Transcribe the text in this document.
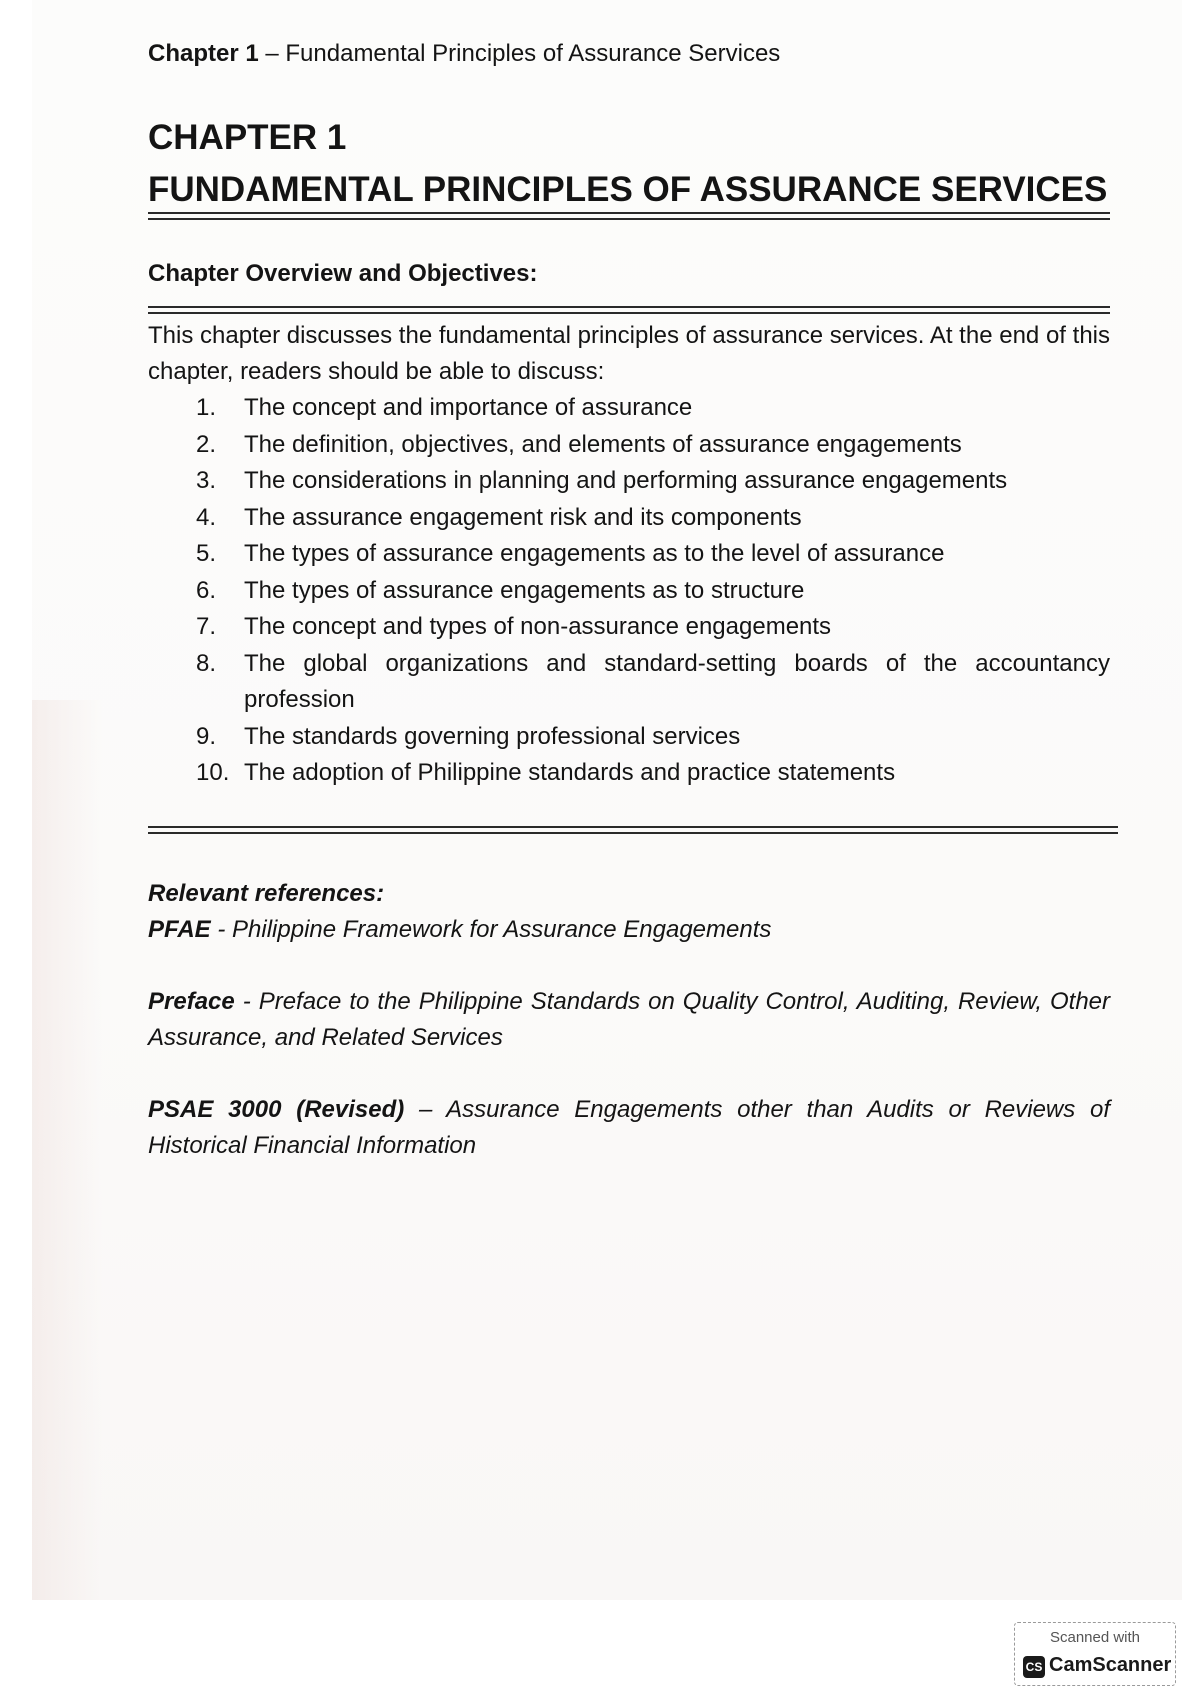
Chapter 1 – Fundamental Principles of Assurance Services
CHAPTER 1
FUNDAMENTAL PRINCIPLES OF ASSURANCE SERVICES
Chapter Overview and Objectives:
This chapter discusses the fundamental principles of assurance services. At the end of this chapter, readers should be able to discuss:
1.	The concept and importance of assurance
2.	The definition, objectives, and elements of assurance engagements
3.	The considerations in planning and performing assurance engagements
4.	The assurance engagement risk and its components
5.	The types of assurance engagements as to the level of assurance
6.	The types of assurance engagements as to structure
7.	The concept and types of non-assurance engagements
8.	The global organizations and standard-setting boards of the accountancy profession
9.	The standards governing professional services
10. The adoption of Philippine standards and practice statements
Relevant references:
PFAE - Philippine Framework for Assurance Engagements
Preface - Preface to the Philippine Standards on Quality Control, Auditing, Review, Other Assurance, and Related Services
PSAE 3000 (Revised) – Assurance Engagements other than Audits or Reviews of Historical Financial Information
Scanned with
CS CamScanner
